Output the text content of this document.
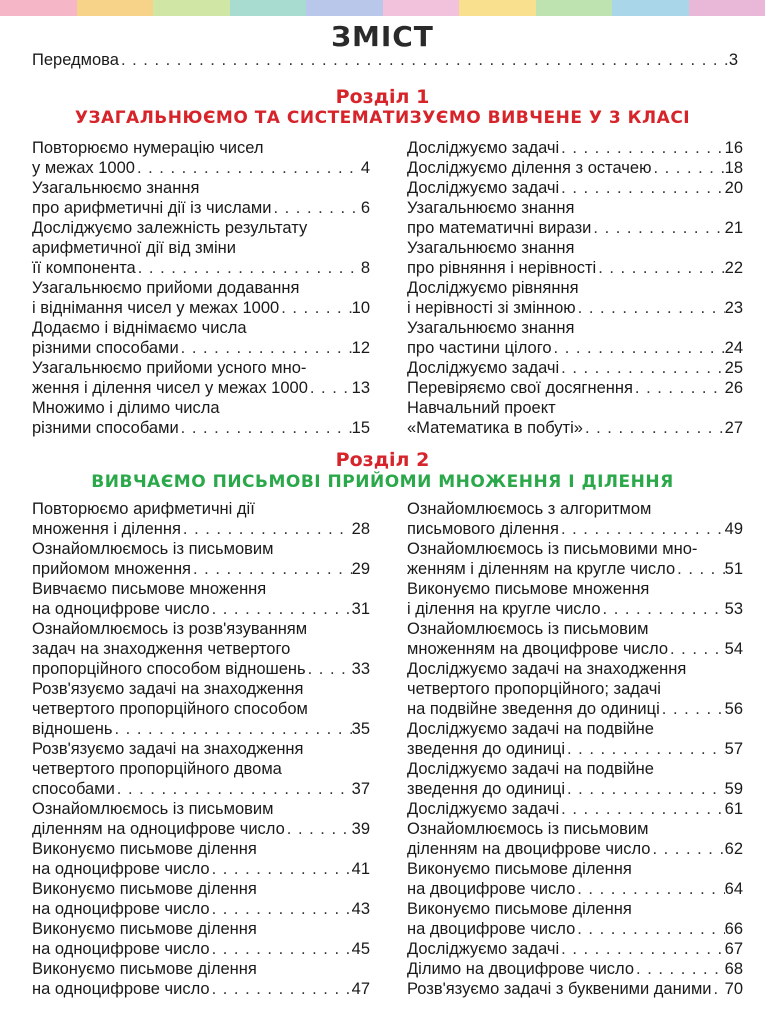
ЗМІСТ
Передмова . . .	3
Розділ 1
УЗАГАЛЬНЮЄМО ТА СИСТЕМАТИЗУЄМО ВИВЧЕНЕ У 3 КЛАСІ
Повторюємо нумерацію чисел
у межах 1000 . . .	4
Узагальнюємо знання
про арифметичні дії із числами . . .	6
Досліджуємо залежність результату
арифметичної дії від зміни
її компонента . . .	8
Узагальнюємо прийоми додавання
і віднімання чисел у межах 1000 . . .	10
Додаємо і віднімаємо числа
різними способами . . .	12
Узагальнюємо прийоми усного мно-
ження і ділення чисел у межах 1000 . . .	13
Множимо і ділимо числа
різними способами . . .	15
Досліджуємо задачі . . .	16
Досліджуємо ділення з остачею . . .	18
Досліджуємо задачі . . .	20
Узагальнюємо знання
про математичні вирази . . .	21
Узагальнюємо знання
про рівняння і нерівності . . .	22
Досліджуємо рівняння
і нерівності зі змінною . . .	23
Узагальнюємо знання
про частини цілого . . .	24
Досліджуємо задачі . . .	25
Перевіряємо свої досягнення . . .	26
Навчальний проект
«Математика в побуті» . . .	27
Розділ 2
ВИВЧАЄМО ПИСЬМОВІ ПРИЙОМИ МНОЖЕННЯ І ДІЛЕННЯ
Повторюємо арифметичні дії
множення і ділення . . .	28
Ознайомлюємось із письмовим
прийомом множення . . .	29
Вивчаємо письмове множення
на одноцифрове число . . .	31
Ознайомлюємось із розв'язуванням
задач на знаходження четвертого
пропорційного способом відношень . . .	33
Розв'язуємо задачі на знаходження
четвертого пропорційного способом
відношень . . .	35
Розв'язуємо задачі на знаходження
четвертого пропорційного двома
способами . . .	37
Ознайомлюємось із письмовим
діленням на одноцифрове число . . .	39
Виконуємо письмове ділення
на одноцифрове число . . .	41
Виконуємо письмове ділення
на одноцифрове число . . .	43
Виконуємо письмове ділення
на одноцифрове число . . .	45
Виконуємо письмове ділення
на одноцифрове число . . .	47
Ознайомлюємось з алгоритмом
письмового ділення . . .	49
Ознайомлюємось із письмовими мно-
женням і діленням на кругле число . . .	51
Виконуємо письмове множення
і ділення на кругле число . . .	53
Ознайомлюємось із письмовим
множенням на двоцифрове число . . .	54
Досліджуємо задачі на знаходження
четвертого пропорційного; задачі
на подвійне зведення до одиниці . . .	56
Досліджуємо задачі на подвійне
зведення до одиниці . . .	57
Досліджуємо задачі на подвійне
зведення до одиниці . . .	59
Досліджуємо задачі . . .	61
Ознайомлюємось із письмовим
діленням на двоцифрове число . . .	62
Виконуємо письмове ділення
на двоцифрове число . . .	64
Виконуємо письмове ділення
на двоцифрове число . . .	66
Досліджуємо задачі . . .	67
Ділимо на двоцифрове число . . .	68
Розв'язуємо задачі з буквеними даними . . . 70
